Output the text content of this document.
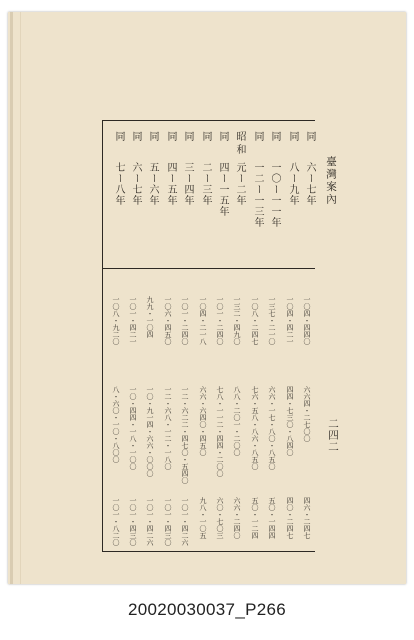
臺灣案內
二四二
同
六ー七年
一〇四・四四〇
六六四・二七〇〇
四六・二四七
同
八ー九年
一〇四・四二一
四四・七三〇・八四〇
四〇・二四七
同
一〇ー一一年
一三七・二一〇
六六・一七・八〇・八五〇
五〇・一四四
同
一二ー一三年
一〇八・二四七
七六・五八・八六・八五〇
五〇・一二四
昭和
元ー二年
一三二・四九〇
八八・二〇一・二〇〇
六六・二四〇
同
四ー一五年
一〇一・二四〇
七八・一一二・四四・二〇〇
六〇・七〇三
同
二ー三年
一〇四・二一八
六六・六四〇・四五〇
九八・一〇五
同
三ー四年
一〇一・二四〇
一二・六二二・四七〇・五四〇
一〇一・四二六
同
四ー五年
一〇六・四五〇
一二・六八・一二・一八〇
一〇一・四三〇
同
五ー六年
九九・一〇四
一〇・九一四・六六・〇〇〇
一〇一・四二六
同
六ー七年
一〇一・四二一
一〇・四四・一八・一〇〇
一〇一・四三〇
同
七ー八年
一〇八・九二〇
八・六〇・一〇・八〇〇
一〇一・八二〇
20020030037_P266
